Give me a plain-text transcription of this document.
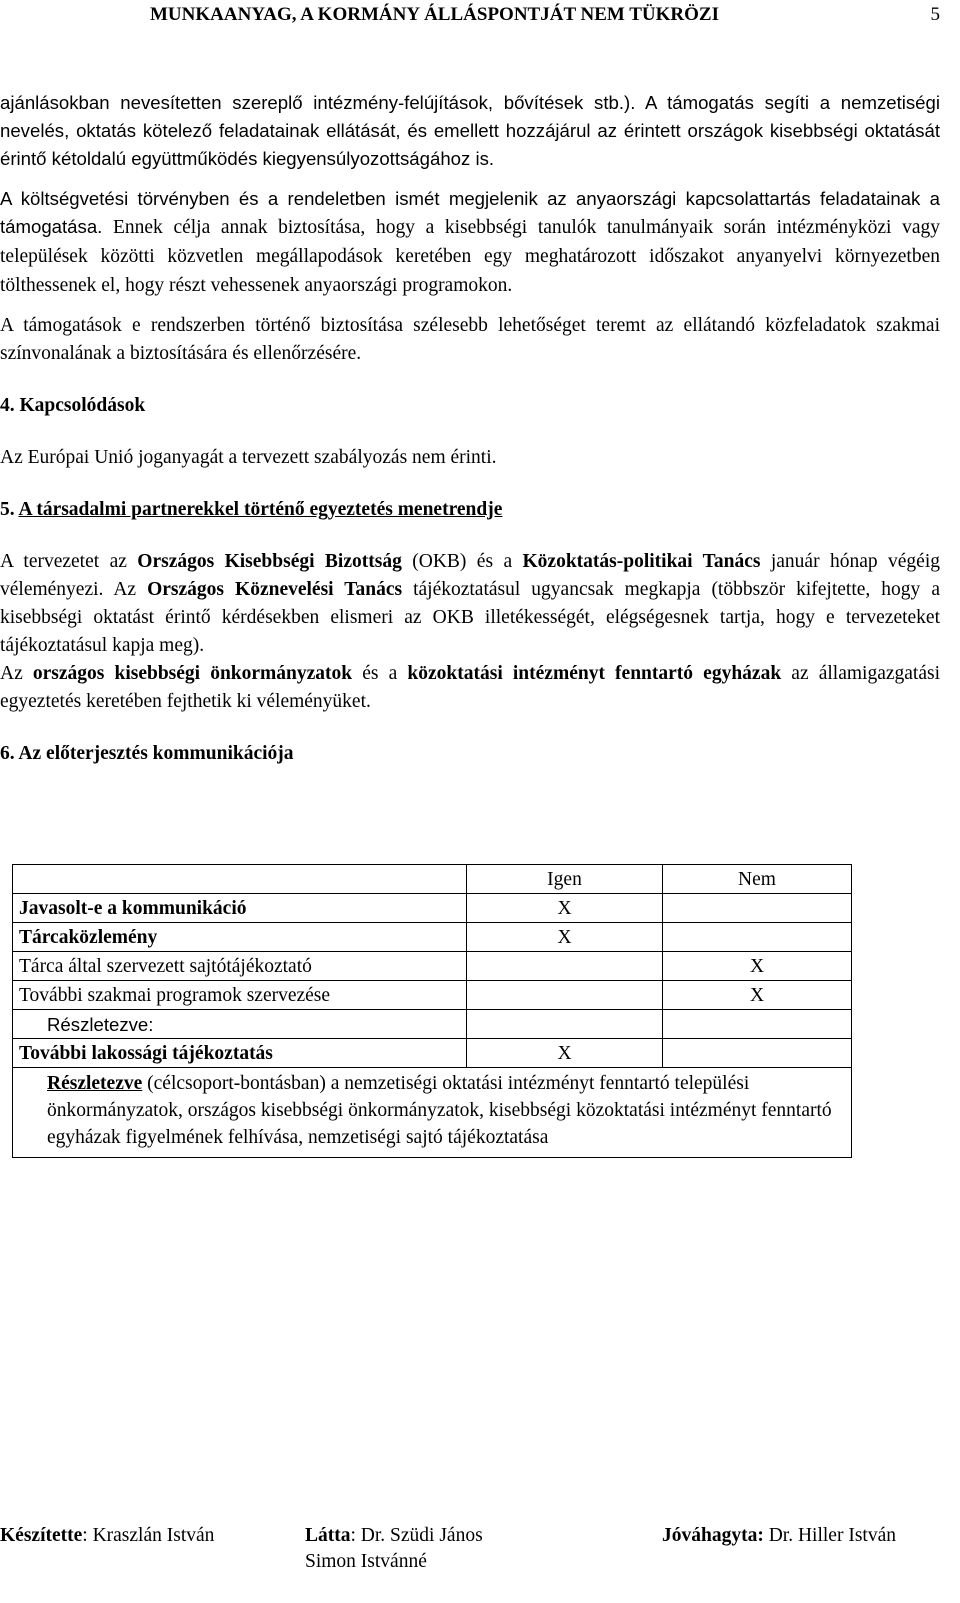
MUNKAANYAG, A KORMÁNY ÁLLÁSPONTJÁT NEM TÜKRÖZI	5

ajánlásokban nevesítetten szereplő intézmény-felújítások, bővítések stb.). A támogatás segíti a nemzetiségi nevelés, oktatás kötelező feladatainak ellátását, és emellett hozzájárul az érintett országok kisebbségi oktatását érintő kétoldalú együttműködés kiegyensúlyozottságához is.

A költségvetési törvényben és a rendeletben ismét megjelenik az anyaországi kapcsolattartás feladatainak a támogatása. Ennek célja annak biztosítása, hogy a kisebbségi tanulók tanulmányaik során intézményközi vagy települések közötti közvetlen megállapodások keretében egy meghatározott időszakot anyanyelvi környezetben tölthessenek el, hogy részt vehessenek anyaországi programokon.

A támogatások e rendszerben történő biztosítása szélesebb lehetőséget teremt az ellátandó közfeladatok szakmai színvonalának a biztosítására és ellenőrzésére.

4. Kapcsolódások

Az Európai Unió joganyagát a tervezett szabályozás nem érinti.

5. A társadalmi partnerekkel történő egyeztetés menetrendje

A tervezetet az Országos Kisebbségi Bizottság (OKB) és a Közoktatás-politikai Tanács január hónap végéig véleményezi. Az Országos Köznevelési Tanács tájékoztatásul ugyancsak megkapja (többször kifejtette, hogy a kisebbségi oktatást érintő kérdésekben elismeri az OKB illetékességét, elégségesnek tartja, hogy e tervezeteket tájékoztatásul kapja meg).

Az országos kisebbségi önkormányzatok és a közoktatási intézményt fenntartó egyházak az államigazgatási egyeztetés keretében fejthetik ki véleményüket.

6. Az előterjesztés kommunikációja

	Igen	Nem
Javasolt-e a kommunikáció	X	
Tárcaközlemény	X	
Tárca által szervezett sajtótájékoztató		X
További szakmai programok szervezése		X
Részletezve:		
További lakossági tájékoztatás	X	
Részletezve (célcsoport-bontásban) a nemzetiségi oktatási intézményt fenntartó települési önkormányzatok, országos kisebbségi önkormányzatok, kisebbségi közoktatási intézményt fenntartó egyházak figyelmének felhívása, nemzetiségi sajtó tájékoztatása		
Készítette: Kraszlán István	Látta: Dr. Szüdi János
Simon Istvánné
Jóváhagyta: Dr. Hiller István
